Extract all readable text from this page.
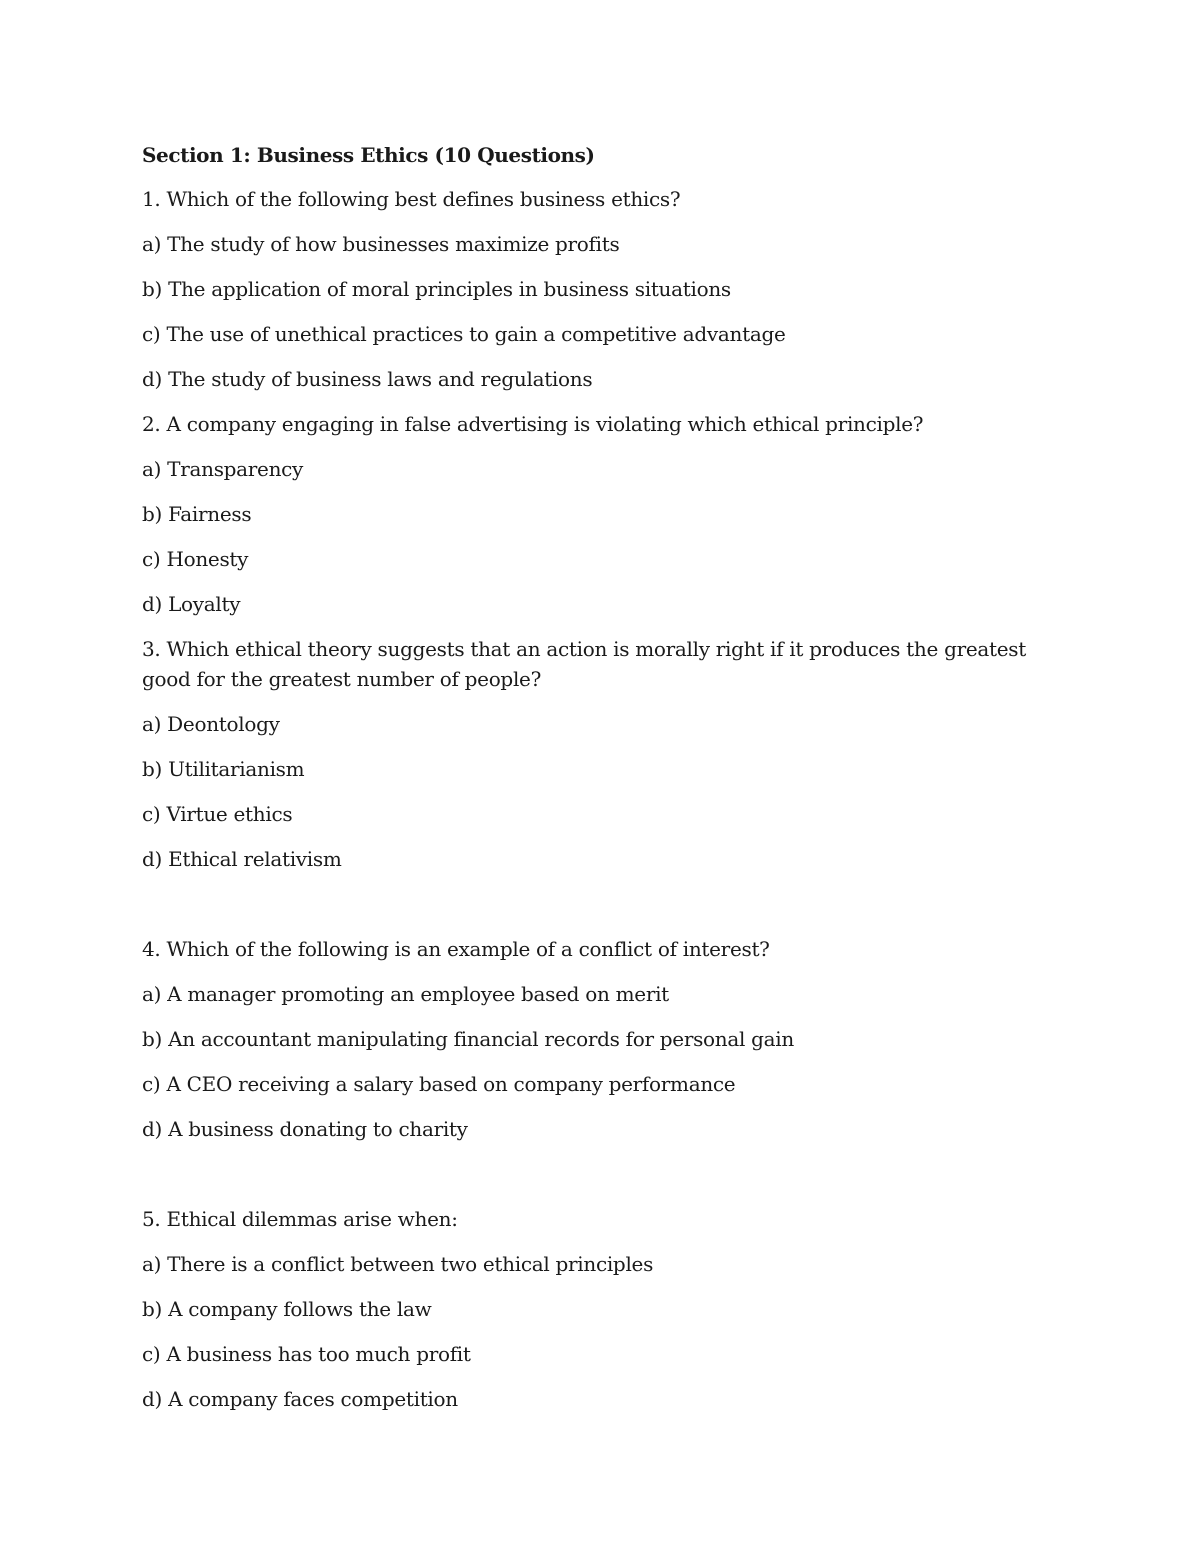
Section 1: Business Ethics (10 Questions)
1. Which of the following best defines business ethics?
a) The study of how businesses maximize profits
b) The application of moral principles in business situations
c) The use of unethical practices to gain a competitive advantage
d) The study of business laws and regulations
2. A company engaging in false advertising is violating which ethical principle?
a) Transparency
b) Fairness
c) Honesty
d) Loyalty
3. Which ethical theory suggests that an action is morally right if it produces the greatest good for the greatest number of people?
a) Deontology
b) Utilitarianism
c) Virtue ethics
d) Ethical relativism
4. Which of the following is an example of a conflict of interest?
a) A manager promoting an employee based on merit
b) An accountant manipulating financial records for personal gain
c) A CEO receiving a salary based on company performance
d) A business donating to charity
5. Ethical dilemmas arise when:
a) There is a conflict between two ethical principles
b) A company follows the law
c) A business has too much profit
d) A company faces competition
